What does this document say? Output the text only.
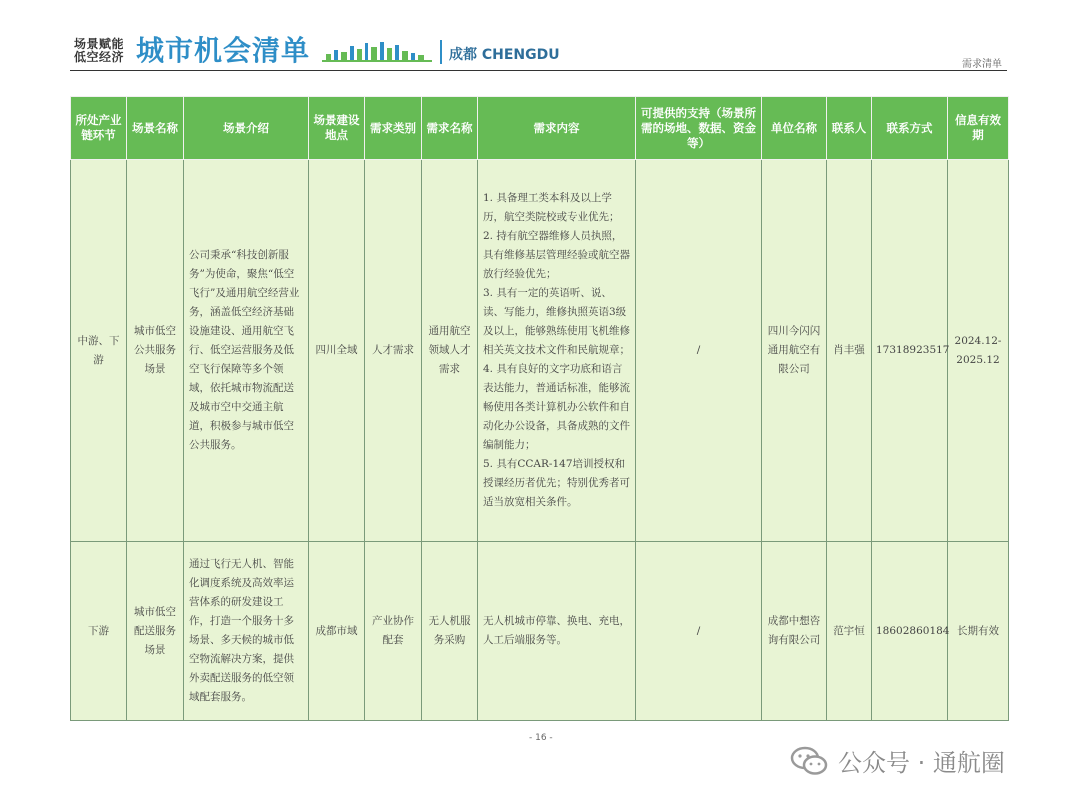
场景赋能
低空经济 城市机会清单	成都 CHENGDU
需求清单
所处产业链环节	场景名称	场景介绍	场景建设地点	需求类别	需求名称	需求内容	可提供的支持（场景所需的场地、数据、资金等）	单位名称	联系人	联系方式	信息有效期
中游、下游	城市低空公共服务场景	公司秉承“科技创新服务”为使命，聚焦“低空飞行”及通用航空经营业务，涵盖低空经济基础设施建设、通用航空飞行、低空运营服务及低空飞行保障等多个领域，依托城市物流配送及城市空中交通主航道，积极参与城市低空公共服务。	四川全域	人才需求	通用航空领域人才需求	1. 具备理工类本科及以上学历，航空类院校或专业优先；
2. 持有航空器维修人员执照，具有维修基层管理经验或航空器放行经验优先；
3. 具有一定的英语听、说、读、写能力，维修执照英语3级及以上，能够熟练使用飞机维修相关英文技术文件和民航规章；
4. 具有良好的文字功底和语言表达能力，普通话标准，能够流畅使用各类计算机办公软件和自动化办公设备，具备成熟的文件编制能力；
5. 具有CCAR-147培训授权和授课经历者优先；特别优秀者可适当放宽相关条件。	/	四川今闪闪通用航空有限公司	肖丰强	17318923517	2024.12-2025.12
下游	城市低空配送服务场景	通过飞行无人机、智能化调度系统及高效率运营体系的研发建设工作，打造一个服务十多场景、多天候的城市低空物流解决方案，提供外卖配送服务的低空领域配套服务。	成都市域	产业协作配套	无人机服务采购	无人机城市停靠、换电、充电，人工后端服务等。	/	成都中想咨询有限公司	范宇恒	18602860184	长期有效
- 16 -
公众号 · 通航圈
